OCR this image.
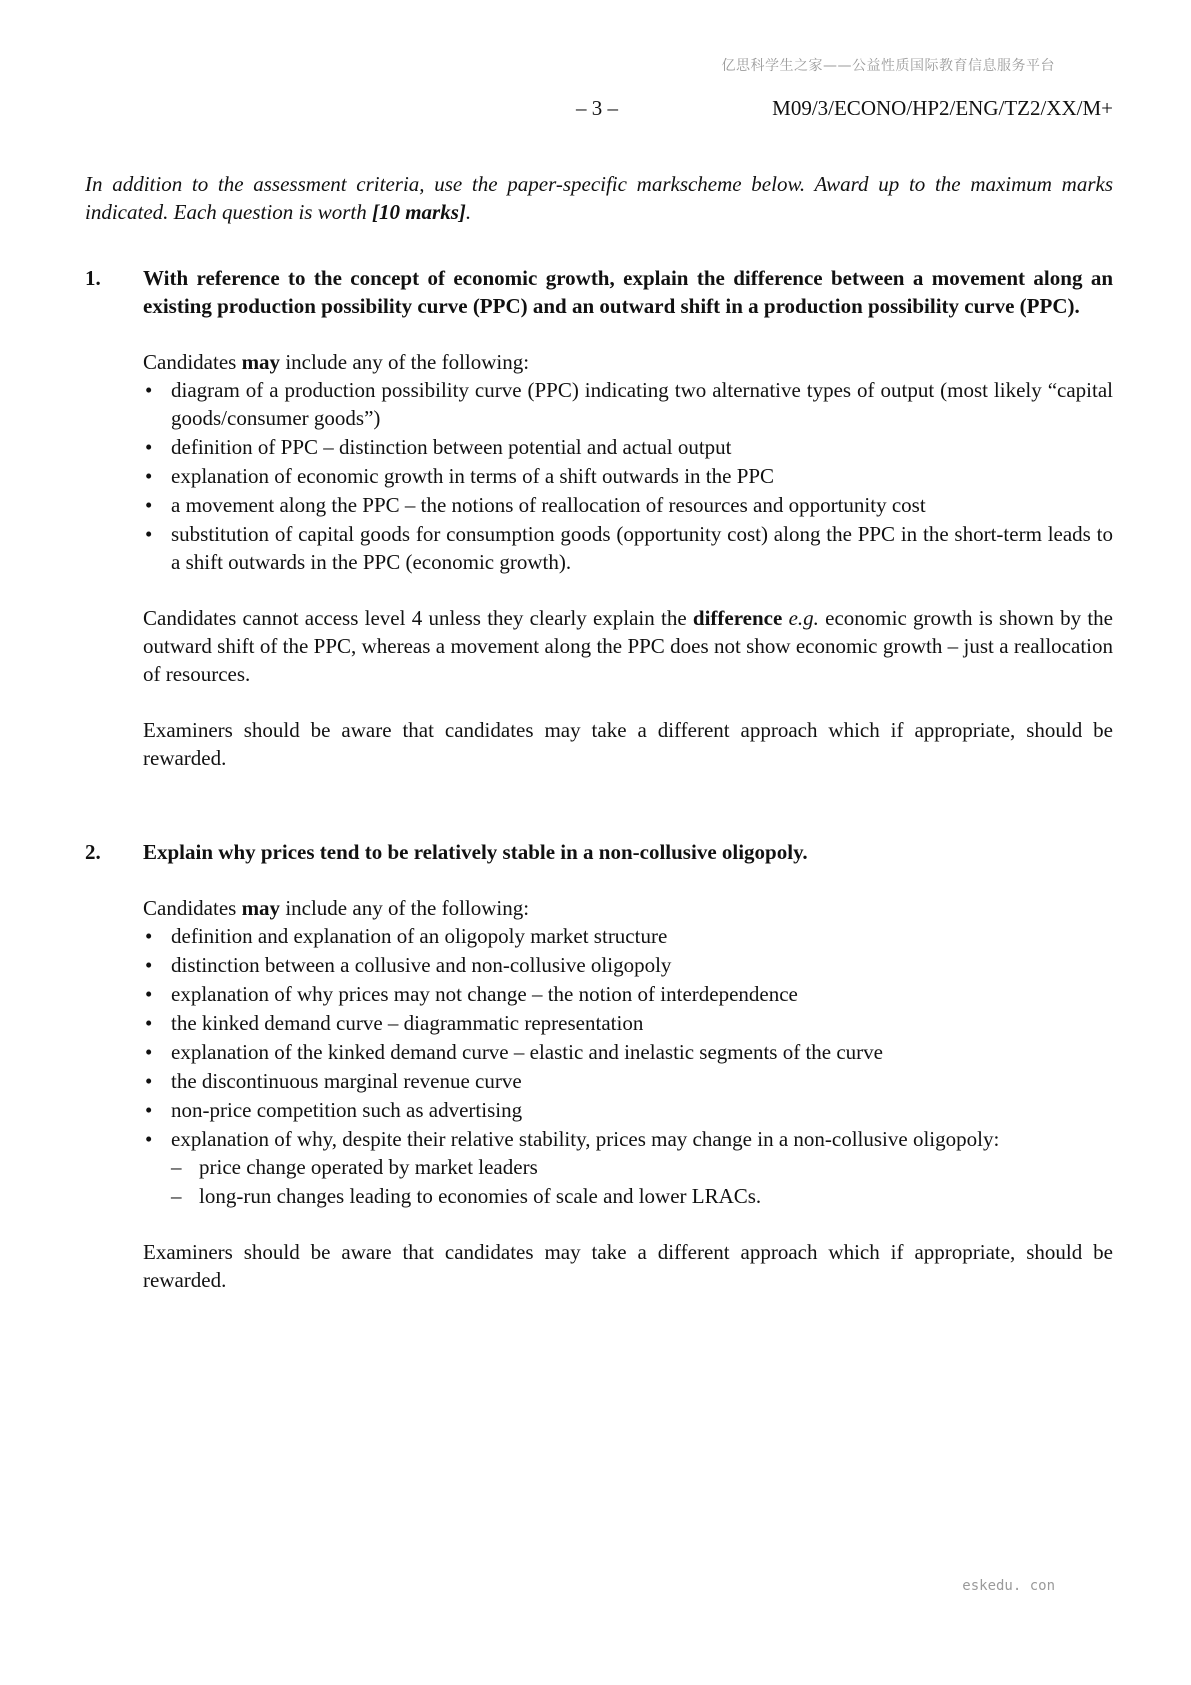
亿思科学生之家——公益性质国际教育信息服务平台
– 3 –	M09/3/ECONO/HP2/ENG/TZ2/XX/M+

In addition to the assessment criteria, use the paper-specific markscheme below. Award up to the maximum marks indicated. Each question is worth [10 marks].

1.	With reference to the concept of economic growth, explain the difference between a movement along an existing production possibility curve (PPC) and an outward shift in a production possibility curve (PPC).

Candidates may include any of the following:

• diagram of a production possibility curve (PPC) indicating two alternative types of output (most likely “capital goods/consumer goods”)
• definition of PPC – distinction between potential and actual output
• explanation of economic growth in terms of a shift outwards in the PPC
• a movement along the PPC – the notions of reallocation of resources and opportunity cost
• substitution of capital goods for consumption goods (opportunity cost) along the PPC in the short-term leads to a shift outwards in the PPC (economic growth).

Candidates cannot access level 4 unless they clearly explain the difference e.g. economic growth is shown by the outward shift of the PPC, whereas a movement along the PPC does not show economic growth – just a reallocation of resources.

Examiners should be aware that candidates may take a different approach which if appropriate, should be rewarded.

2.	Explain why prices tend to be relatively stable in a non-collusive oligopoly.

Candidates may include any of the following:

• definition and explanation of an oligopoly market structure
• distinction between a collusive and non-collusive oligopoly
• explanation of why prices may not change – the notion of interdependence
• the kinked demand curve – diagrammatic representation
• explanation of the kinked demand curve – elastic and inelastic segments of the curve
• the discontinuous marginal revenue curve
• non-price competition such as advertising
• explanation of why, despite their relative stability, prices may change in a non-collusive oligopoly:
– price change operated by market leaders
– long-run changes leading to economies of scale and lower LRACs.

Examiners should be aware that candidates may take a different approach which if appropriate, should be rewarded.

eskedu. con
